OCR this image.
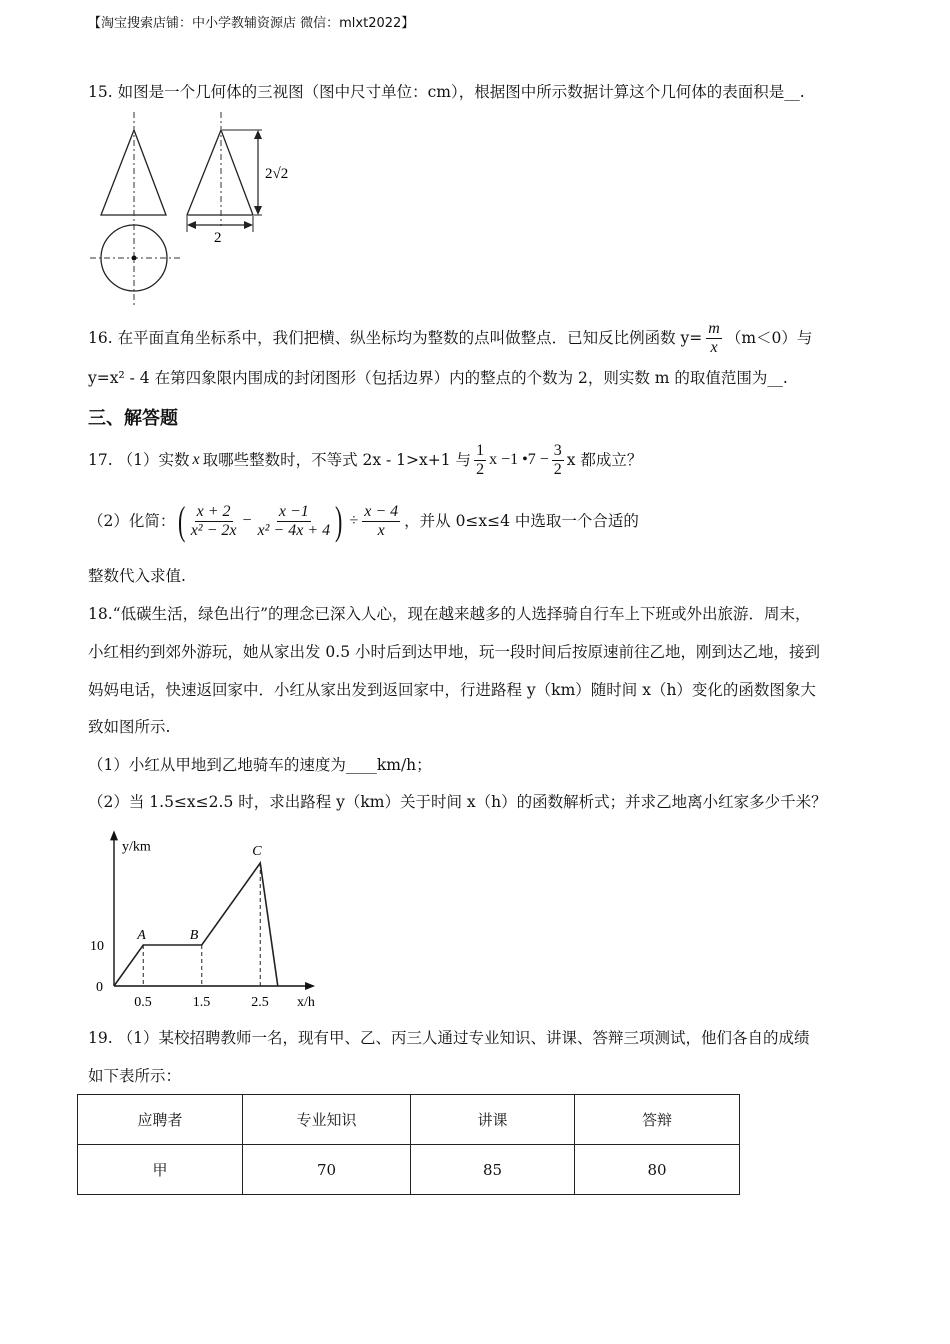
【淘宝搜索店铺：中小学教辅资源店 微信：mlxt2022】
15. 如图是一个几何体的三视图（图中尺寸单位：cm），根据图中所示数据计算这个几何体的表面积是__.
2√2
2
16. 在平面直角坐标系中，我们把横、纵坐标均为整数的点叫做整点．已知反比例函数 $y= \frac{m}{x} (m<0)$与
y=x² - 4 在第四象限内围成的封闭图形（包括边界）内的整点的个数为 2，则实数 m 的取值范围为__.
三、解答题
17. （1）实数 x 取哪些整数时，不等式 2x - 1>x+1 与 $\frac{1}{2}$ x −1 •7 − $\frac{3}{2}$ x 都成立？
（2）化简： ( $\frac{x + 2}{\text{x² − 2x}} - \frac{x -1}{\text{x² − 4x + 4}}$ ) ÷ $\frac{x - 4}{x}$ ，并从 0≤x≤4 中选取一个合适的
整数代入求值.
18.“低碳生活，绿色出行”的理念已深入人心，现在越来越多的人选择骑自行车上下班或外出旅游．周末，
小红相约到郊外游玩，她从家出发 0.5 小时后到达甲地，玩一段时间后按原速前往乙地，刚到达乙地，接到
妈妈电话，快速返回家中．小红从家出发到返回家中，行进路程 y（km）随时间 x（h）变化的函数图象大
致如图所示.
（1）小红从甲地到乙地骑车的速度为____km/h；
（2）当 1.5≤x≤2.5 时，求出路程 y（km）关于时间 x（h）的函数解析式；并求乙地离小红家多少千米？
x/h
y/km
0
10
0.5	1.5	2.5
A	B
C
19. （1）某校招聘教师一名，现有甲、乙、丙三人通过专业知识、讲课、答辩三项测试，他们各自的成绩
如下表所示：
应聘者	专业知识	讲课	答辩
甲	70	85	80
